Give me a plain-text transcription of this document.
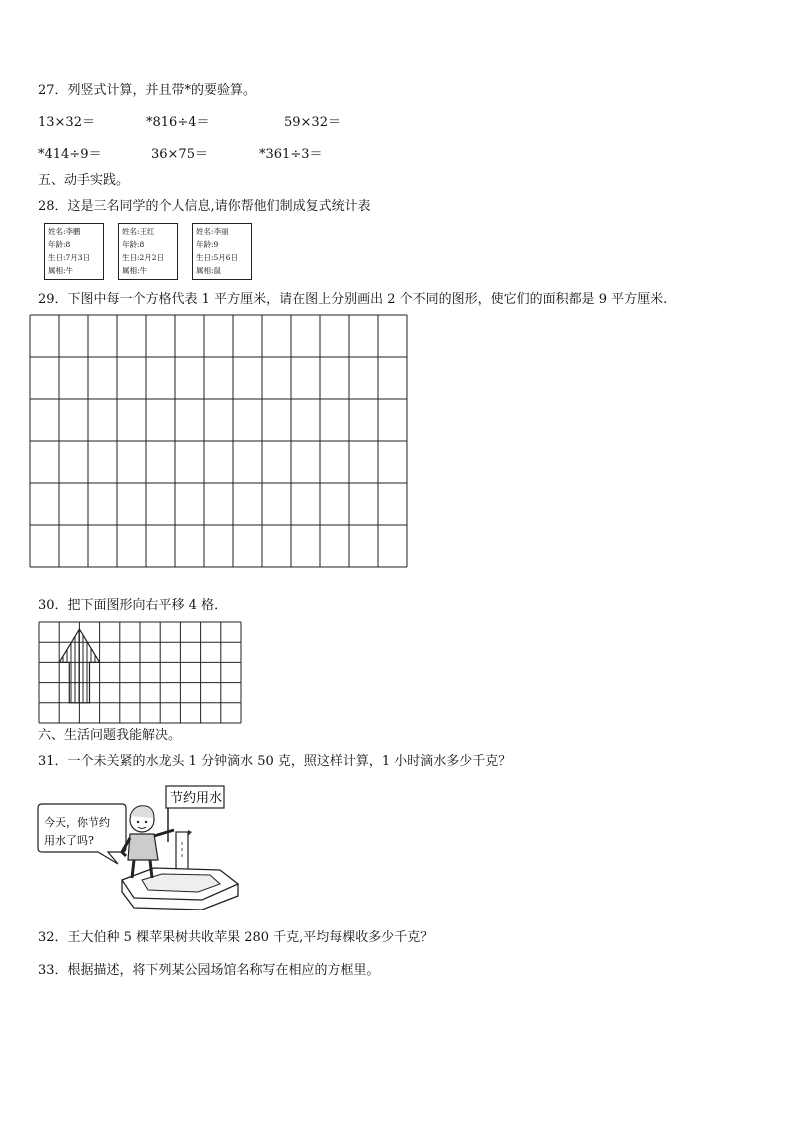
27．列竖式计算，并且带*的要验算。
13×32＝	*816÷4＝	59×32＝
*414÷9＝	36×75＝	*361÷3＝
五、动手实践。
28．这是三名同学的个人信息,请你帮他们制成复式统计表
姓名:李鹏
年龄:8
生日:7月3日
属相:牛
姓名:王红
年龄:8
生日:2月2日
属相:牛
姓名:李丽
年龄:9
生日:5月6日
属相:鼠
29．下图中每一个方格代表 1 平方厘米，请在图上分别画出 2 个不同的图形，使它们的面积都是 9 平方厘米.
30．把下面图形向右平移 4 格．
六、生活问题我能解决。
31．一个未关紧的水龙头 1 分钟滴水 50 克，照这样计算，1 小时滴水多少千克？
今天，你节约
用水了吗?
节约用水
32．王大伯种 5 棵苹果树共收苹果 280 千克,平均每棵收多少千克？
33．根据描述，将下列某公园场馆名称写在相应的方框里。
